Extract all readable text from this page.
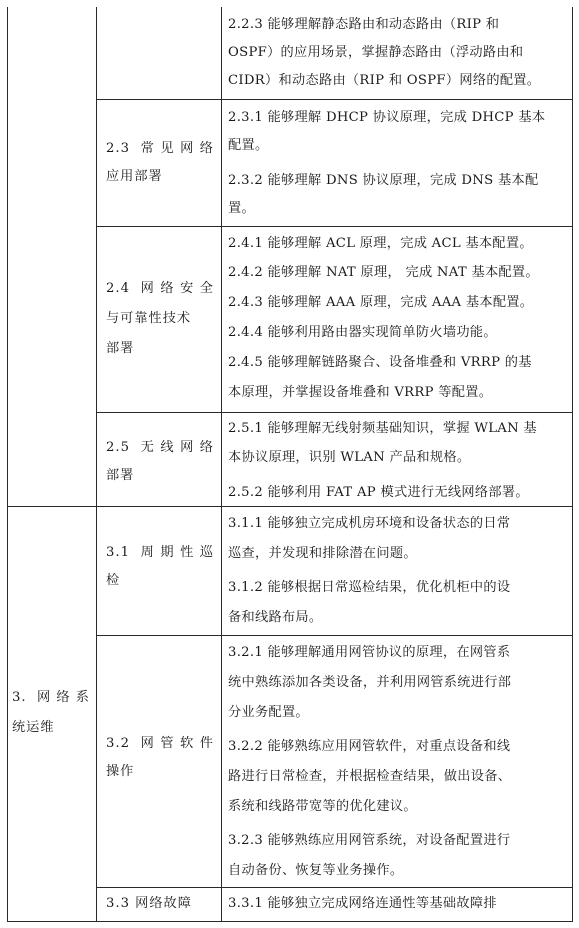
2.2.3 能够理解静态路由和动态路由（RIP 和
OSPF）的应用场景，掌握静态路由（浮动路由和
CIDR）和动态路由（RIP 和 OSPF）网络的配置。
2.3.1 能够理解 DHCP 协议原理，完成 DHCP 基本
配置。
2.3.2 能够理解 DNS 协议原理，完成 DNS 基本配
置。
2.3 常见网络
应用部署
2.4.1 能够理解 ACL 原理，完成 ACL 基本配置。
2.4.2 能够理解 NAT 原理， 完成 NAT 基本配置。
2.4.3 能够理解 AAA 原理，完成 AAA 基本配置。
2.4.4 能够利用路由器实现简单防火墙功能。
2.4.5 能够理解链路聚合、设备堆叠和 VRRP 的基
本原理，并掌握设备堆叠和 VRRP 等配置。
2.4 网络安全
与可靠性技术
部署
2.5.1 能够理解无线射频基础知识，掌握 WLAN 基
本协议原理，识别 WLAN 产品和规格。
2.5.2 能够利用 FAT AP 模式进行无线网络部署。
2.5 无线网络
部署
3.1.1 能够独立完成机房环境和设备状态的日常
巡查，并发现和排除潜在问题。
3.1.2 能够根据日常巡检结果，优化机柜中的设
备和线路布局。
3.1 周期性巡
检
3.2.1 能够理解通用网管协议的原理，在网管系
统中熟练添加各类设备，并利用网管系统进行部
分业务配置。
3.2.2 能够熟练应用网管软件，对重点设备和线
路进行日常检查，并根据检查结果，做出设备、
系统和线路带宽等的优化建议。
3.2.3 能够熟练应用网管系统，对设备配置进行
自动备份、恢复等业务操作。
3.2 网管软件
操作
3.3.1 能够独立完成网络连通性等基础故障排
3.3 网络故障
3. 网络系
统运维
